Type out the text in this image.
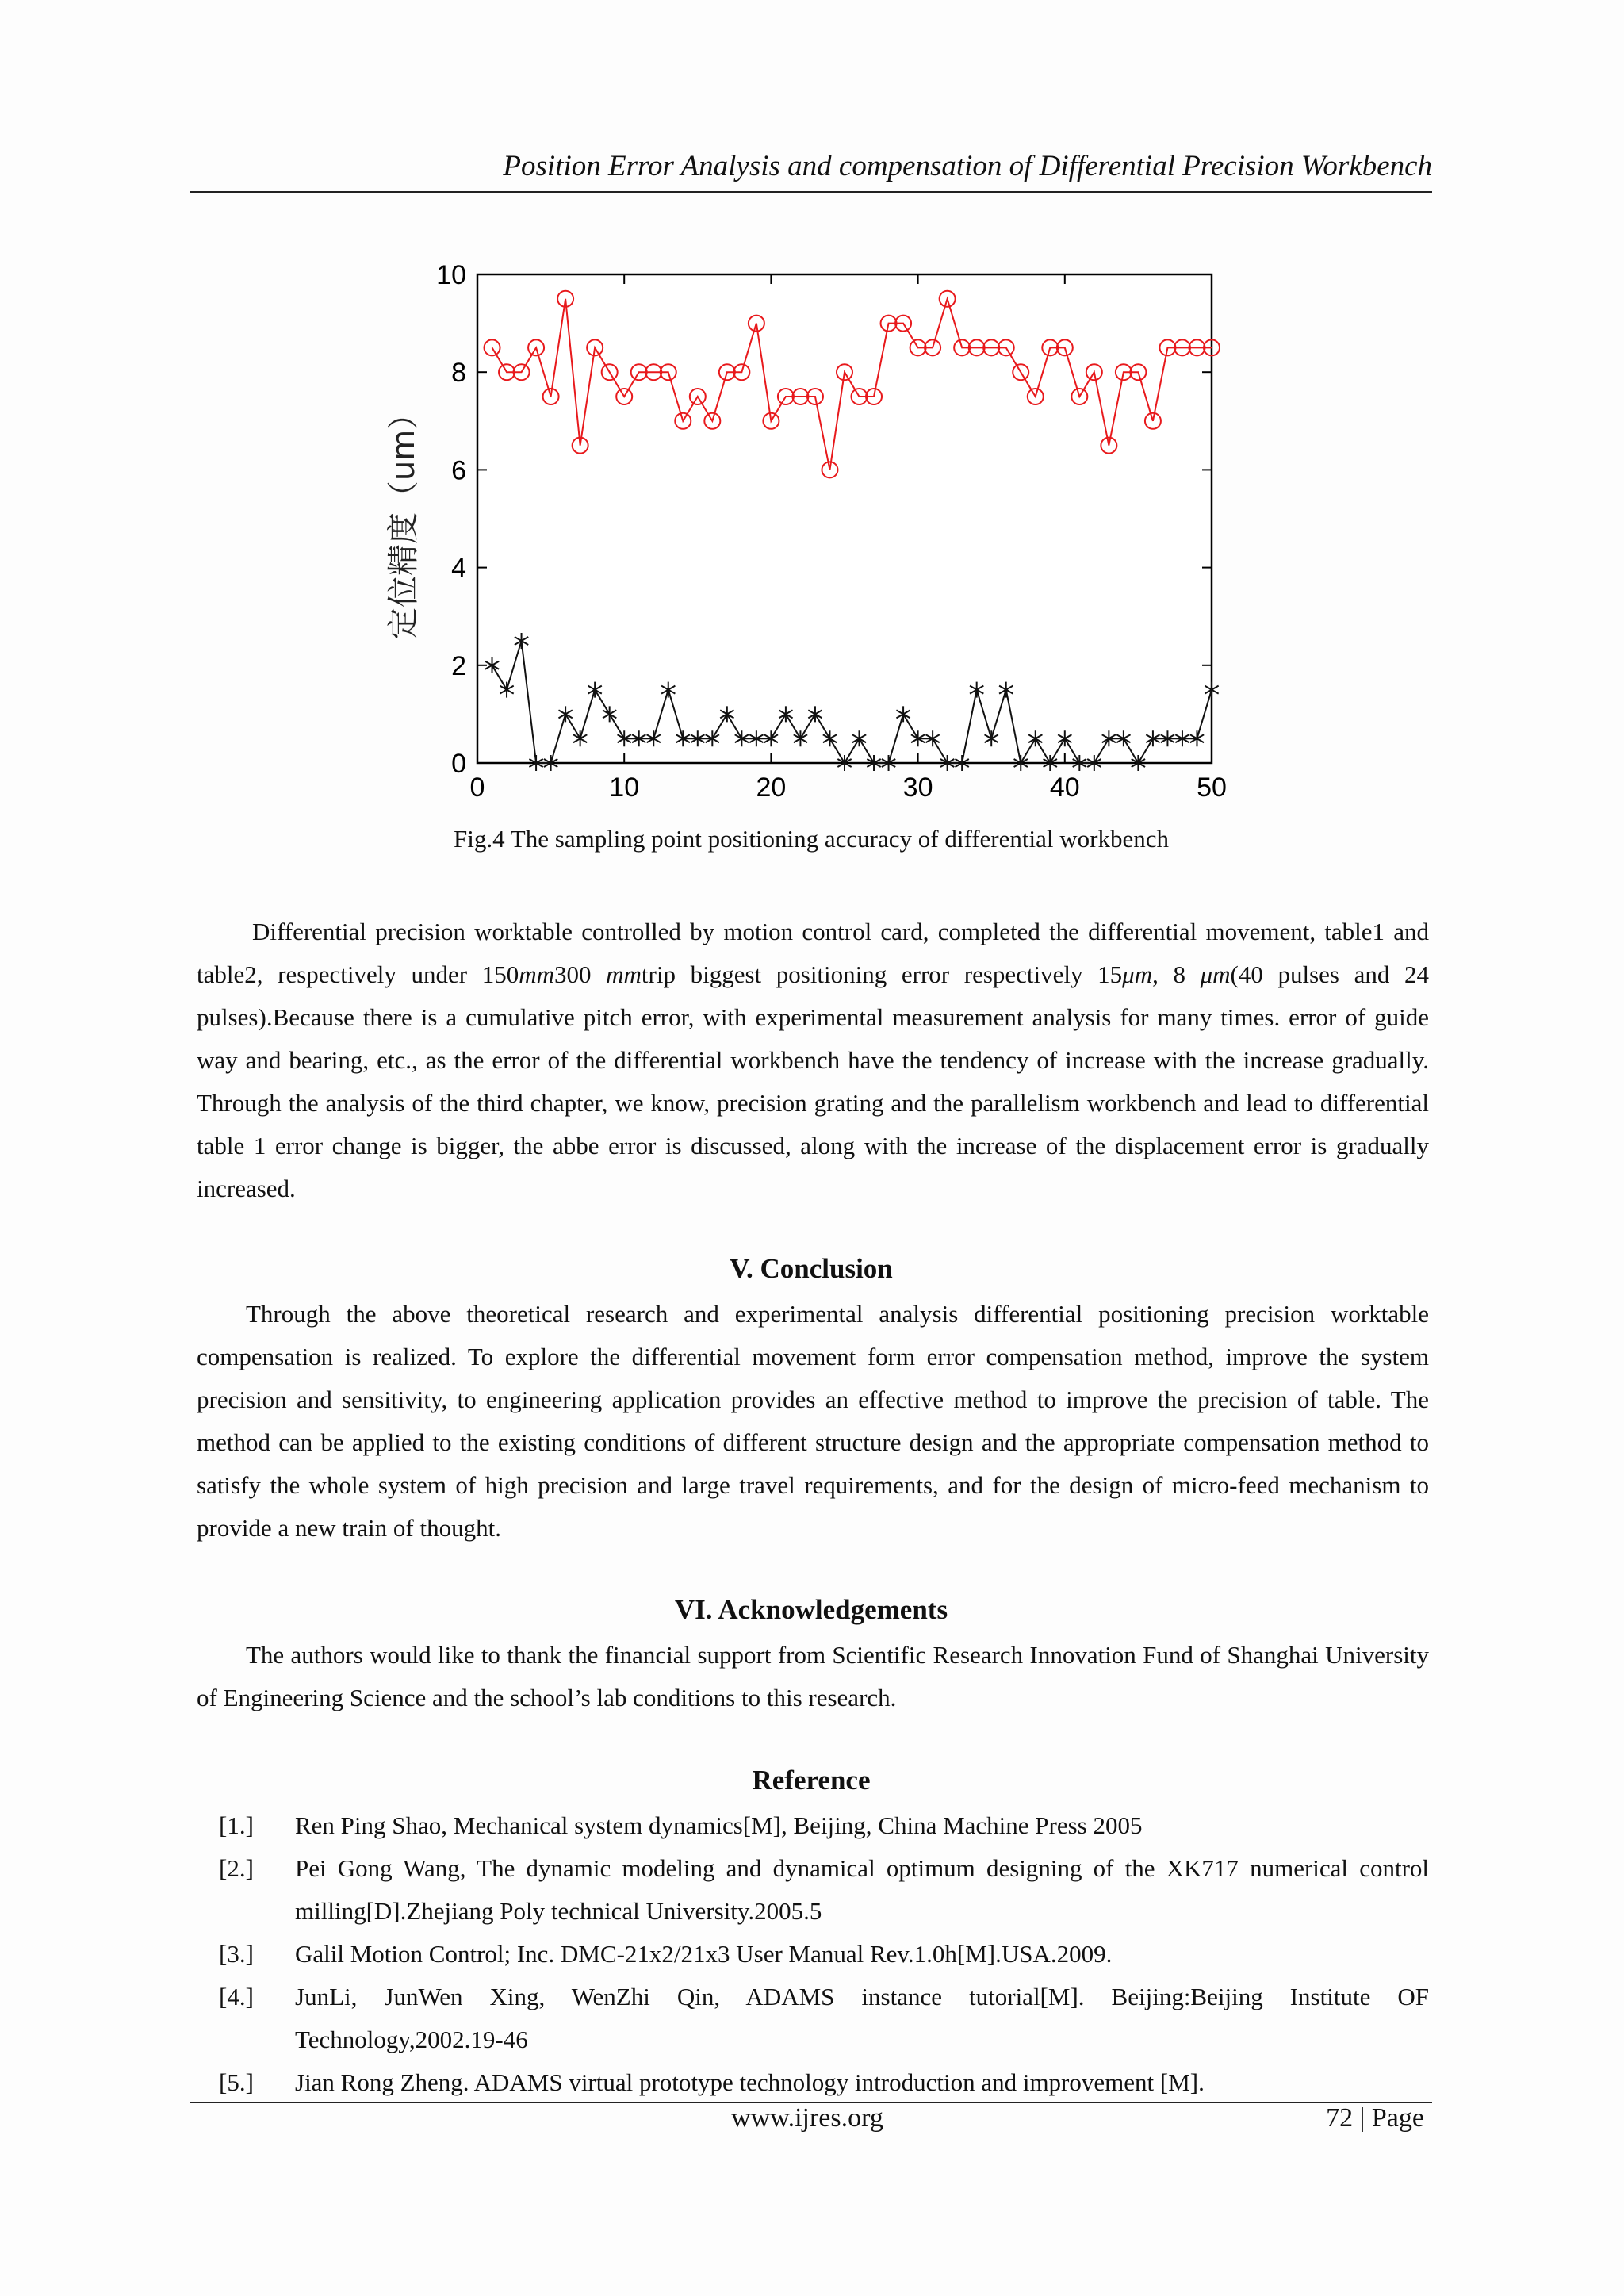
Position Error Analysis and compensation of Differential Precision Workbench
0	10	20	30	40	50
0
2
4
6
8
10
定位精度（um）
Fig.4 The sampling point positioning accuracy of differential workbench
Differential precision worktable controlled by motion control card, completed the differential movement, table1 and table2, respectively under 150mm300 mmtrip biggest positioning error respectively 15μm, 8 μm(40 pulses and 24 pulses).Because there is a cumulative pitch error, with experimental measurement analysis for many times. error of guide way and bearing, etc., as the error of the differential workbench have the tendency of increase with the increase gradually. Through the analysis of the third chapter, we know, precision grating and the parallelism workbench and lead to differential table 1 error change is bigger, the abbe error is discussed, along with the increase of the displacement error is gradually increased.
V. Conclusion
Through the above theoretical research and experimental analysis differential positioning precision worktable compensation is realized. To explore the differential movement form error compensation method, improve the system precision and sensitivity, to engineering application provides an effective method to improve the precision of table. The method can be applied to the existing conditions of different structure design and the appropriate compensation method to satisfy the whole system of high precision and large travel requirements, and for the design of micro-feed mechanism to provide a new train of thought.
VI. Acknowledgements
The authors would like to thank the financial support from Scientific Research Innovation Fund of Shanghai University of Engineering Science and the school’s lab conditions to this research.
Reference
[1.]	Ren Ping Shao, Mechanical system dynamics[M], Beijing, China Machine Press 2005
[2.]	Pei Gong Wang, The dynamic modeling and dynamical optimum designing of the XK717 numerical control milling[D].Zhejiang Poly technical University.2005.5
[3.]	Galil Motion Control; Inc. DMC-21x2/21x3 User Manual Rev.1.0h[M].USA.2009.
[4.]	JunLi, JunWen Xing, WenZhi Qin, ADAMS instance tutorial[M]. Beijing:Beijing Institute OF Technology,2002.19-46
[5.]	Jian Rong Zheng. ADAMS virtual prototype technology introduction and improvement [M].
www.ijres.org	72 | Page
